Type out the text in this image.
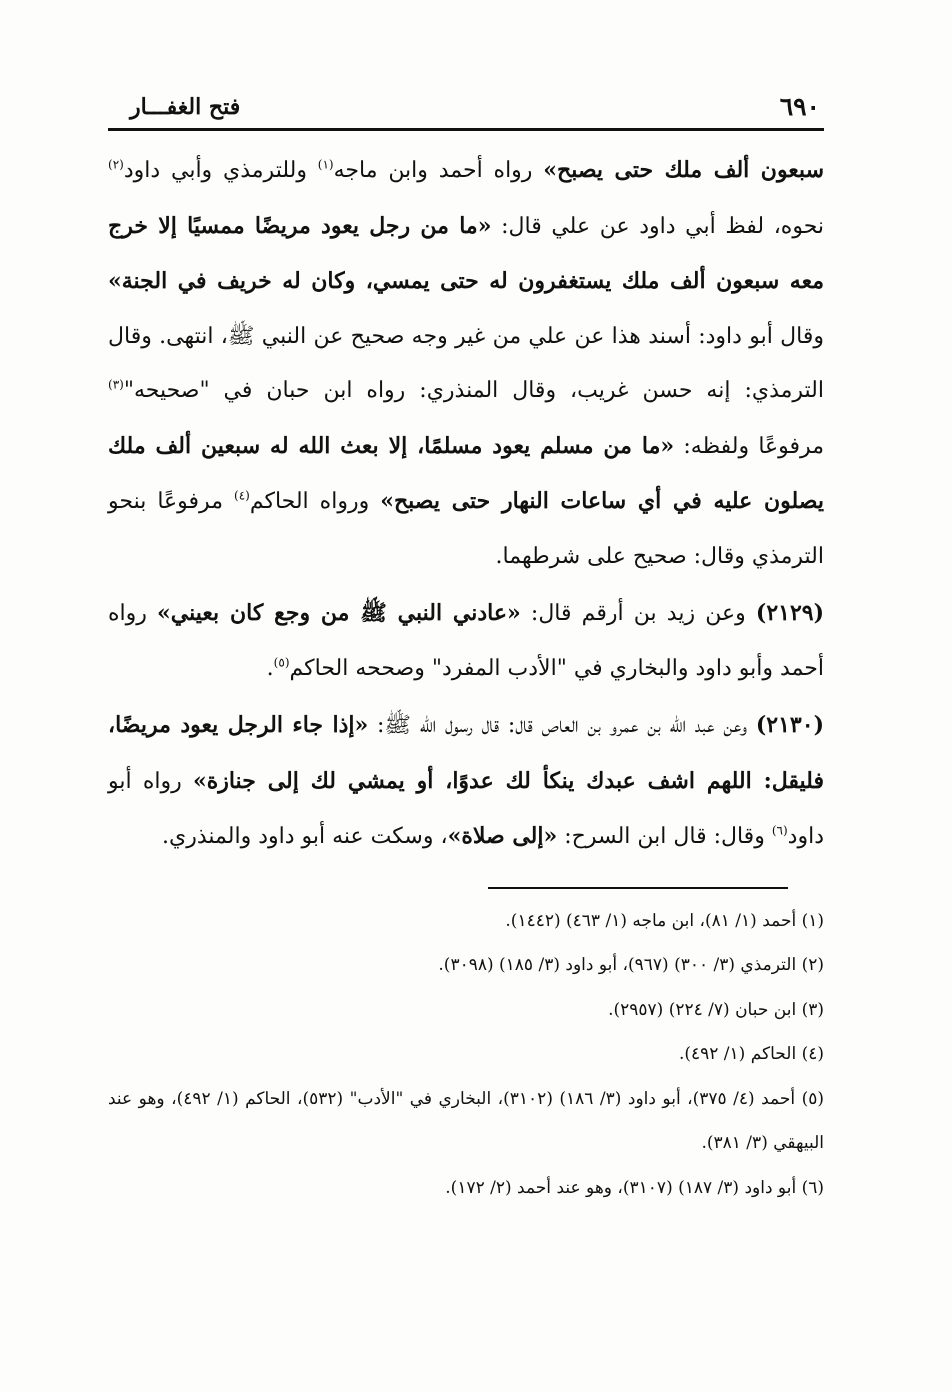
٦٩٠
فتح الغفـــار

سبعون ألف ملك حتى يصبح» رواه أحمد وابن ماجه$^{(١)}$ وللترمذي وأبي داود$^{(٢)}$ نحوه، لفظ أبي داود عن علي قال: «ما من رجل يعود مريضًا ممسيًا إلا خرج معه سبعون ألف ملك يستغفرون له حتى يمسي، وكان له خريف في الجنة» وقال أبو داود: أسند هذا عن علي من غير وجه صحيح عن النبي ﷺ، انتهى. وقال الترمذي: إنه حسن غريب، وقال المنذري: رواه ابن حبان في "صحيحه"$^{(٣)}$ مرفوعًا ولفظه: «ما من مسلم يعود مسلمًا، إلا بعث الله له سبعين ألف ملك يصلون عليه في أي ساعات النهار حتى يصبح» ورواه الحاكم$^{(٤)}$ مرفوعًا بنحو الترمذي وقال: صحيح على شرطهما.

(٢١٢٩) وعن زيد بن أرقم قال: «عادني النبي ﷺ من وجع كان بعيني» رواه أحمد وأبو داود والبخاري في "الأدب المفرد" وصححه الحاكم$^{(٥)}$.

(٢١٣٠) وعن عبد الله بن عمرو بن العاص قال: قال رسول الله ﷺ: «إذا جاء الرجل يعود مريضًا، فليقل: اللهم اشف عبدك ينكأ لك عدوًا، أو يمشي لك إلى جنازة» رواه أبو داود$^{(٦)}$ وقال: قال ابن السرح: «إلى صلاة»، وسكت عنه أبو داود والمنذري.

(١) أحمد (١/ ٨١)، ابن ماجه (١/ ٤٦٣) (١٤٤٢).

(٢) الترمذي (٣/ ٣٠٠) (٩٦٧)، أبو داود (٣/ ١٨٥) (٣٠٩٨).

(٣) ابن حبان (٧/ ٢٢٤) (٢٩٥٧).

(٤) الحاكم (١/ ٤٩٢).

(٥) أحمد (٤/ ٣٧٥)، أبو داود (٣/ ١٨٦) (٣١٠٢)، البخاري في "الأدب" (٥٣٢)، الحاكم (١/ ٤٩٢)، وهو عند البيهقي (٣/ ٣٨١).

(٦) أبو داود (٣/ ١٨٧) (٣١٠٧)، وهو عند أحمد (٢/ ١٧٢).
